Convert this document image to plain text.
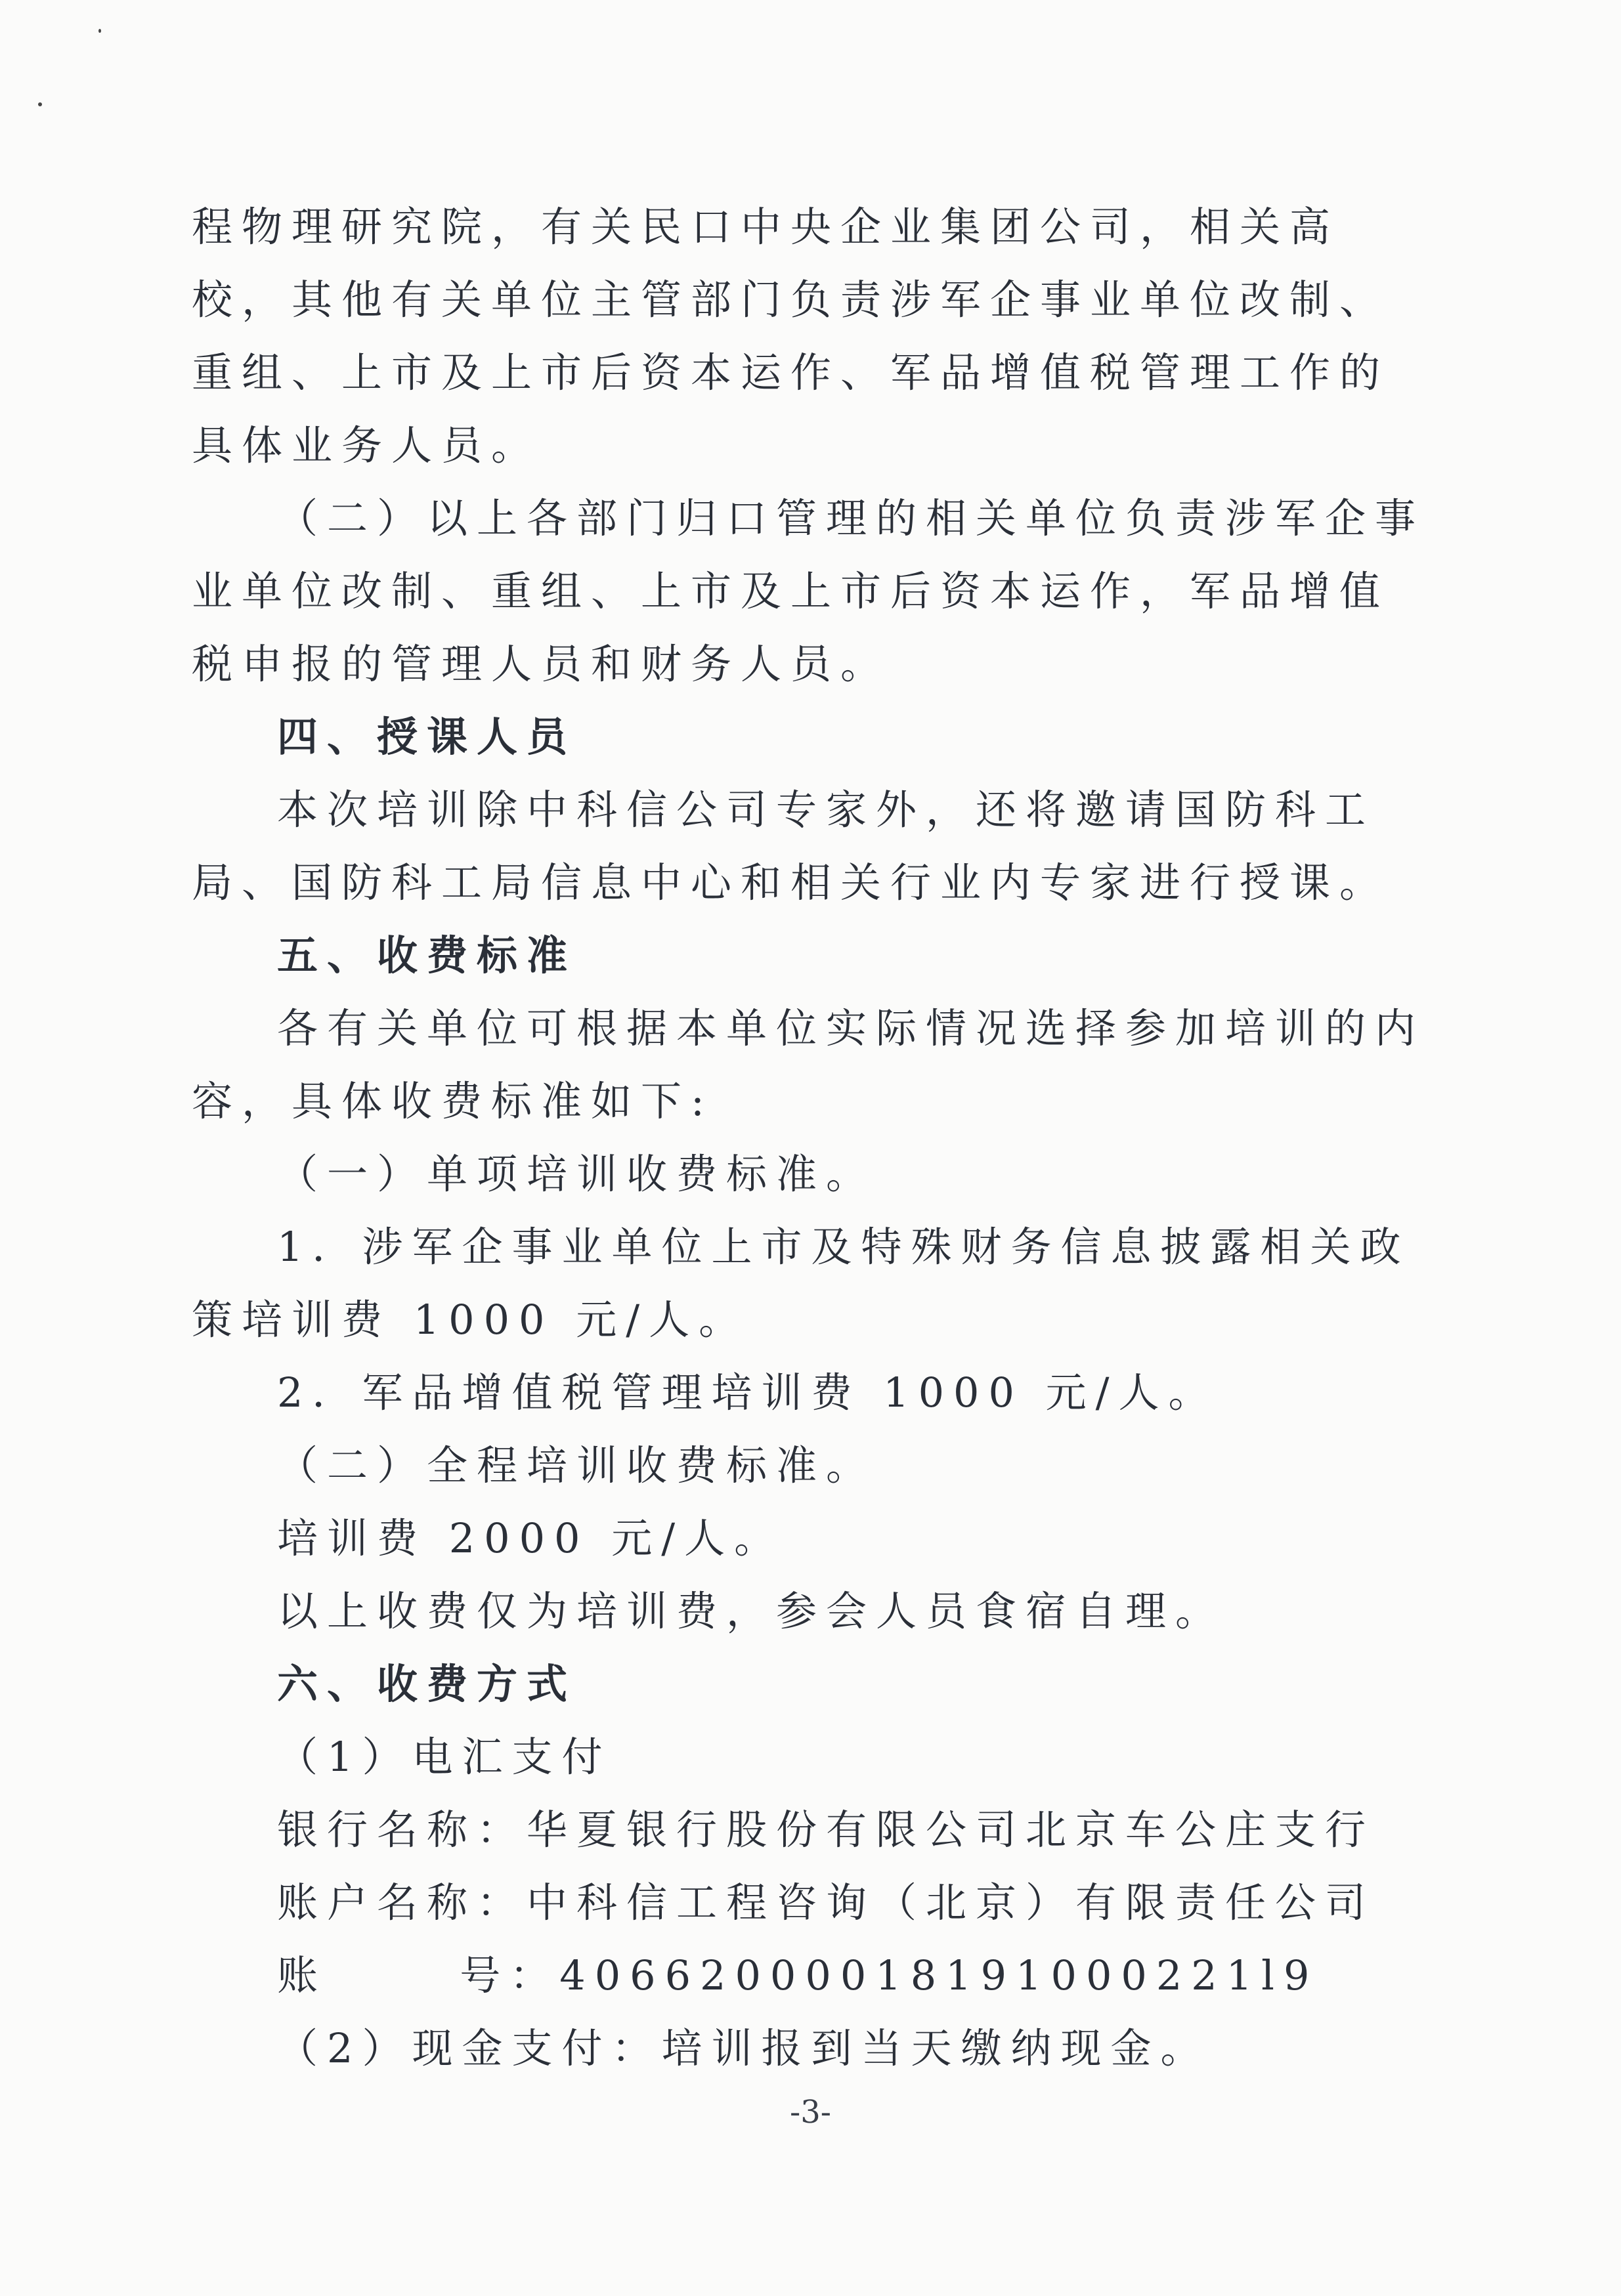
程物理研究院，有关民口中央企业集团公司，相关高校，其他有关单位主管部门负责涉军企事业单位改制、重组、上市及上市后资本运作、军品增值税管理工作的具体业务人员。

（二）以上各部门归口管理的相关单位负责涉军企事业单位改制、重组、上市及上市后资本运作，军品增值税申报的管理人员和财务人员。

四、授课人员

本次培训除中科信公司专家外，还将邀请国防科工局、国防科工局信息中心和相关行业内专家进行授课。

五、收费标准

各有关单位可根据本单位实际情况选择参加培训的内容，具体收费标准如下:

（一）单项培训收费标准。

1．涉军企事业单位上市及特殊财务信息披露相关政策培训费 1000 元/人。

2．军品增值税管理培训费 1000 元/人。

（二）全程培训收费标准。

培训费 2000 元/人。

以上收费仅为培训费，参会人员食宿自理。

六、收费方式

（1）电汇支付

银行名称： 华夏银行股份有限公司北京车公庄支行
账户名称： 中科信工程咨询（北京）有限责任公司
账      号： 40662000018191000221l9

（2）现金支付：培训报到当天缴纳现金。

-3-
